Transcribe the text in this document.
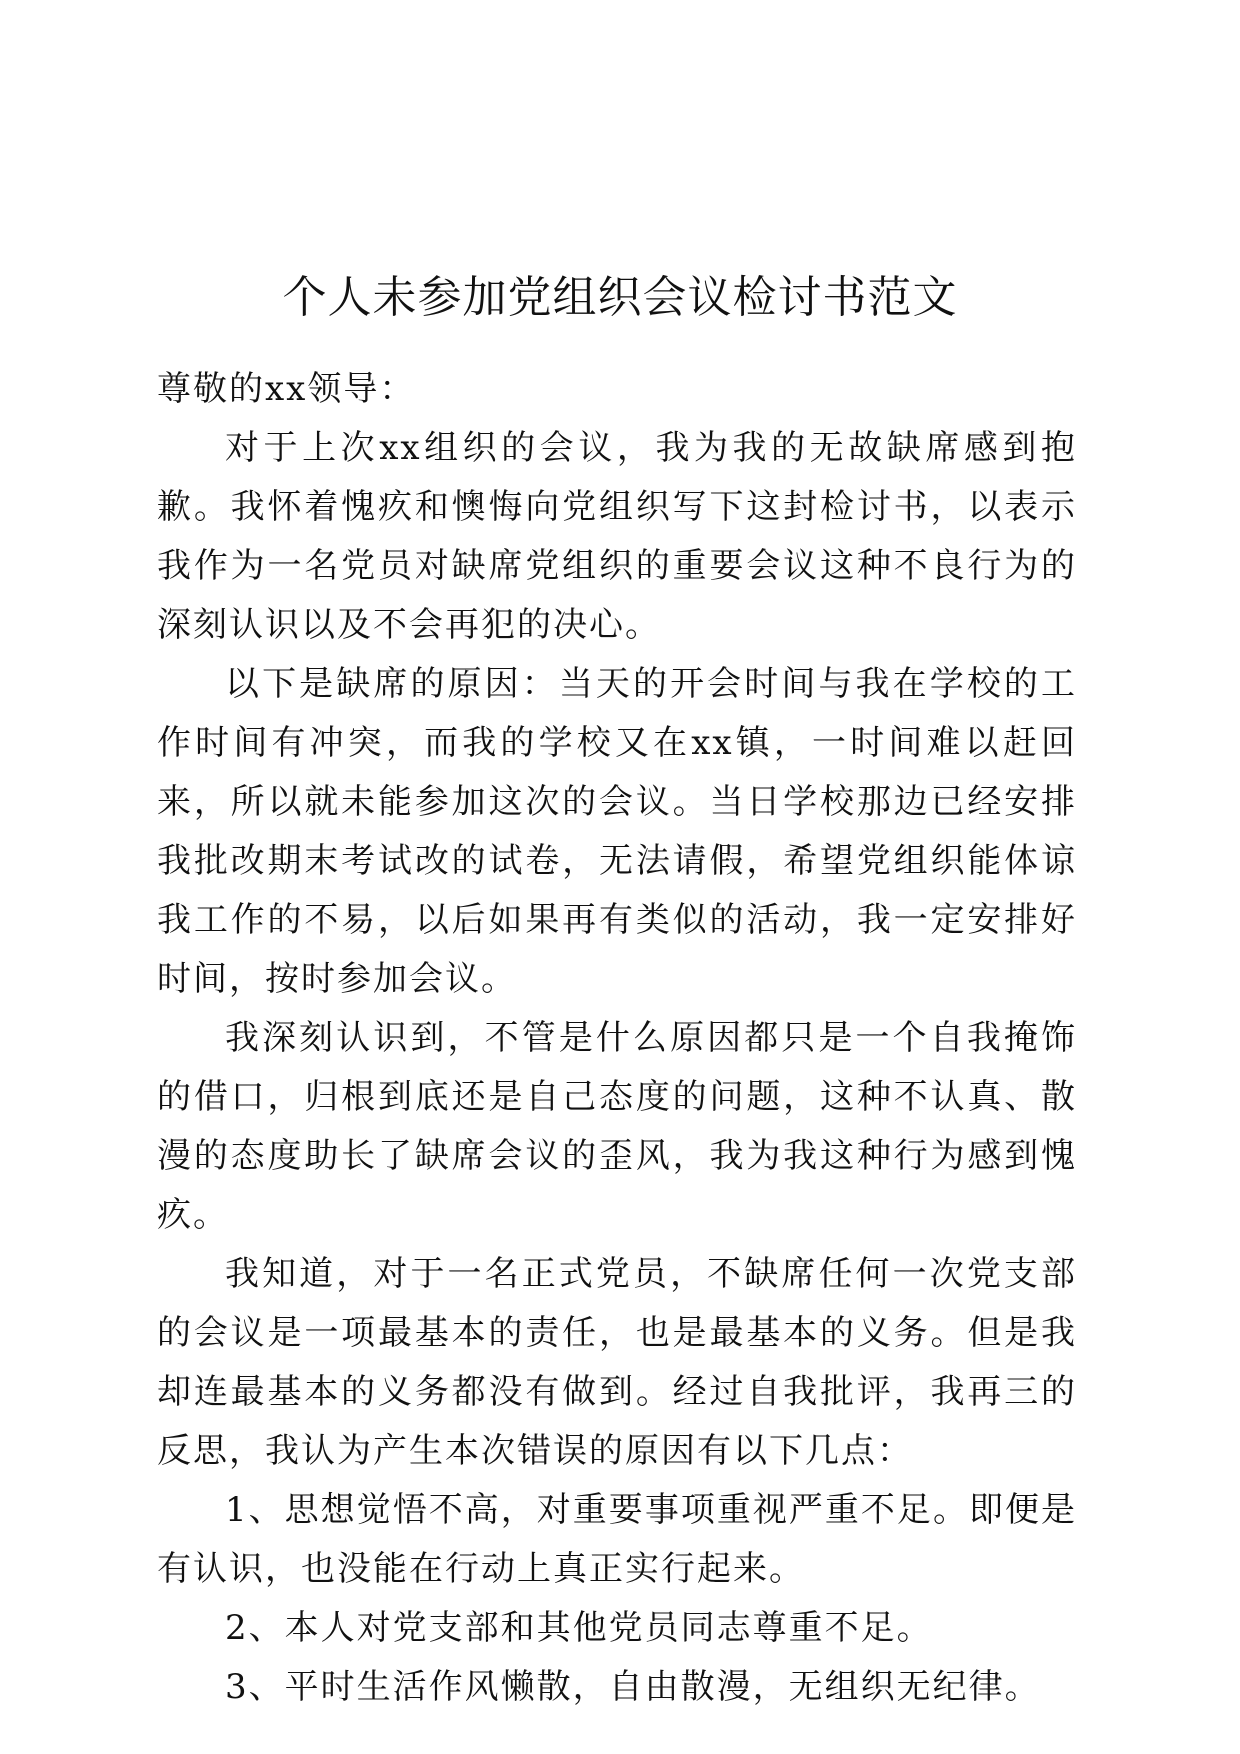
个人未参加党组织会议检讨书范文

尊敬的xx领导：

对于上次xx组织的会议，我为我的无故缺席感到抱歉。我怀着愧疚和懊悔向党组织写下这封检讨书，以表示我作为一名党员对缺席党组织的重要会议这种不良行为的深刻认识以及不会再犯的决心。

以下是缺席的原因：当天的开会时间与我在学校的工作时间有冲突，而我的学校又在xx镇，一时间难以赶回来，所以就未能参加这次的会议。当日学校那边已经安排我批改期末考试改的试卷，无法请假，希望党组织能体谅我工作的不易，以后如果再有类似的活动，我一定安排好时间，按时参加会议。

我深刻认识到，不管是什么原因都只是一个自我掩饰的借口，归根到底还是自己态度的问题，这种不认真、散漫的态度助长了缺席会议的歪风，我为我这种行为感到愧疚。

我知道，对于一名正式党员，不缺席任何一次党支部的会议是一项最基本的责任，也是最基本的义务。但是我却连最基本的义务都没有做到。经过自我批评，我再三的反思，我认为产生本次错误的原因有以下几点：

1、思想觉悟不高，对重要事项重视严重不足。即便是有认识，也没能在行动上真正实行起来。

2、本人对党支部和其他党员同志尊重不足。

3、平时生活作风懒散，自由散漫，无组织无纪律。
